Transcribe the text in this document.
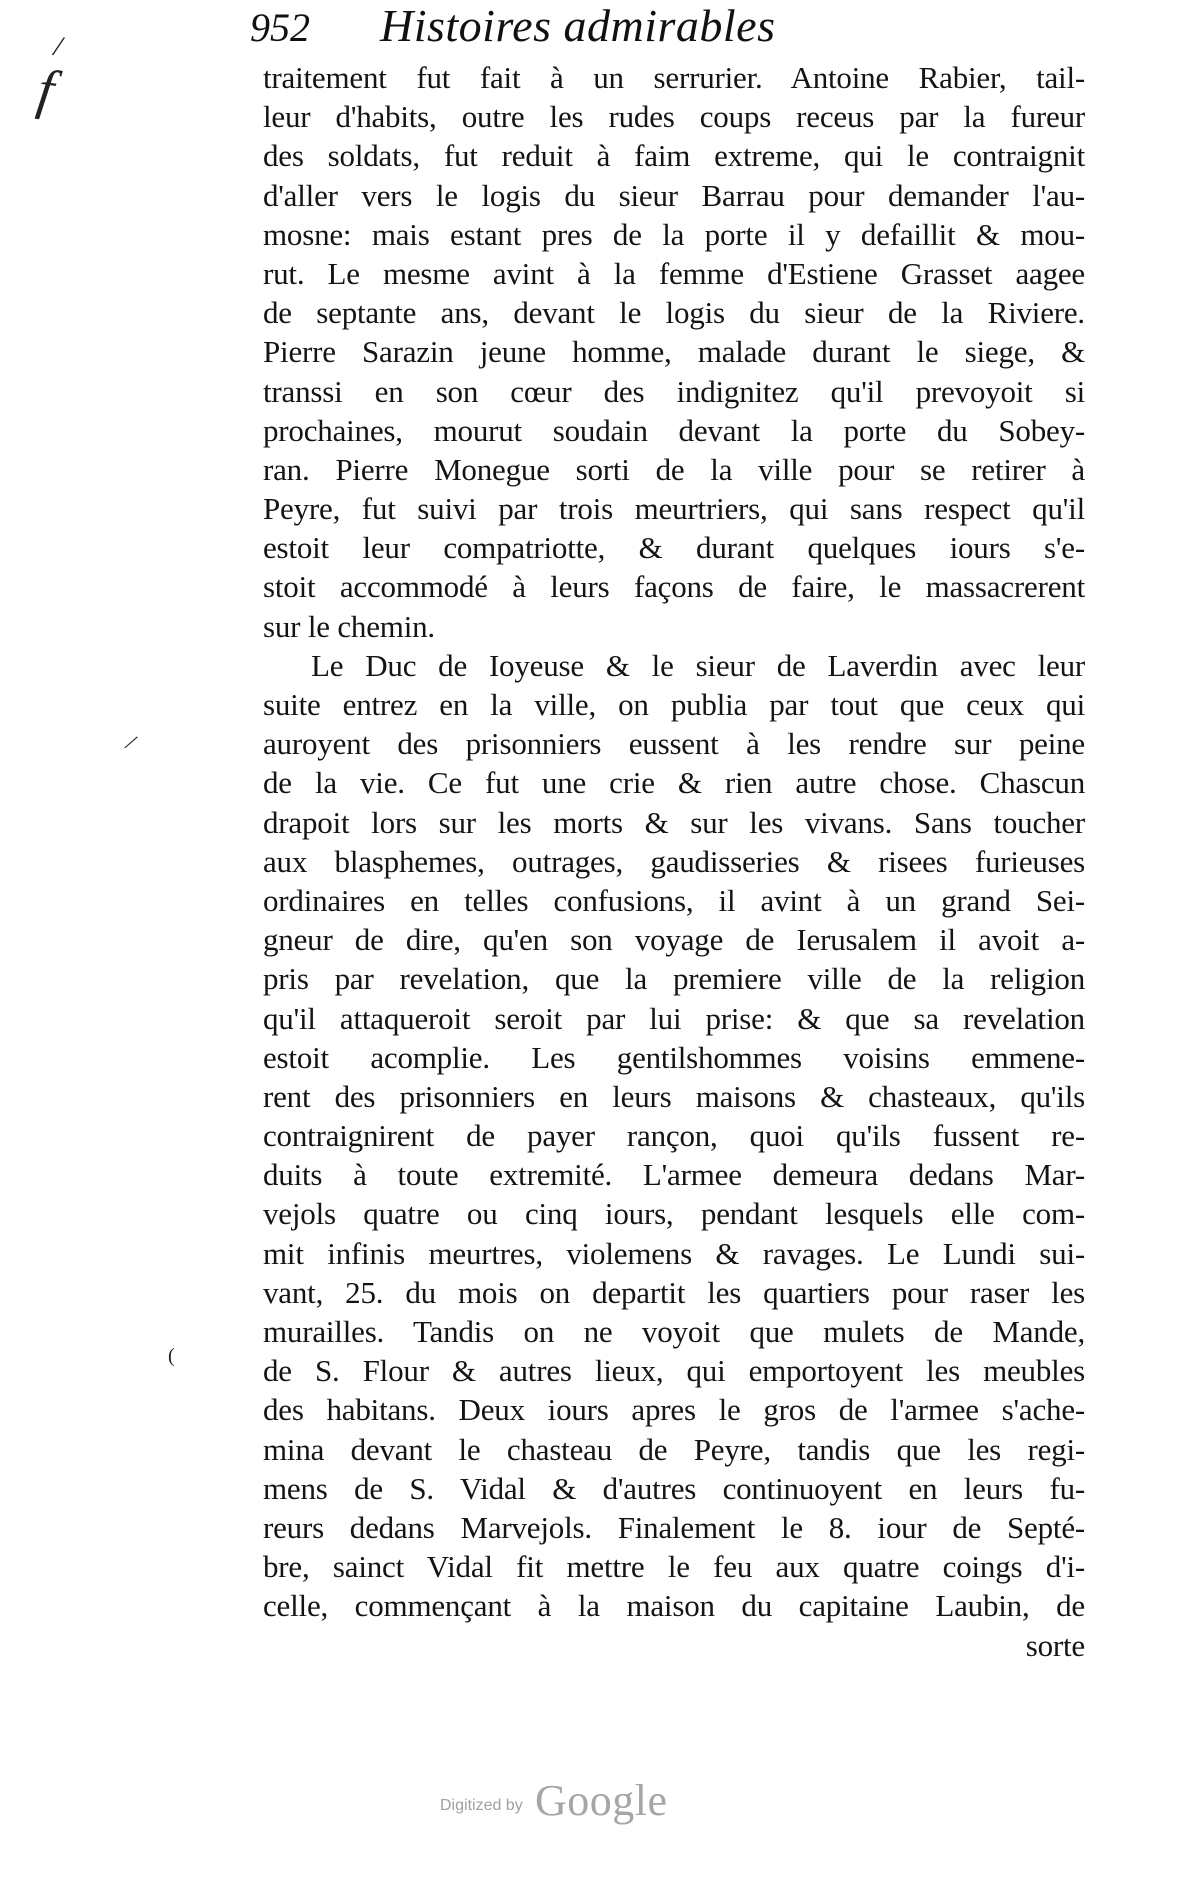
952 Histoires admirables
/
f
/
(
traitement fut fait à un serrurier. Antoine Rabier, tail-
leur d'habits, outre les rudes coups receus par la fureur
des soldats, fut reduit à faim extreme, qui le contraignit
d'aller vers le logis du sieur Barrau pour demander l'au-
mosne: mais estant pres de la porte il y defaillit & mou-
rut. Le mesme avint à la femme d'Estiene Grasset aagee
de septante ans, devant le logis du sieur de la Riviere.
Pierre Sarazin jeune homme, malade durant le siege, &
transsi en son cœur des indignitez qu'il prevoyoit si
prochaines, mourut soudain devant la porte du Sobey-
ran. Pierre Monegue sorti de la ville pour se retirer à
Peyre, fut suivi par trois meurtriers, qui sans respect qu'il
estoit leur compatriotte, & durant quelques iours s'e-
stoit accommodé à leurs façons de faire, le massacrerent
sur le chemin.
Le Duc de Ioyeuse & le sieur de Laverdin avec leur
suite entrez en la ville, on publia par tout que ceux qui
auroyent des prisonniers eussent à les rendre sur peine
de la vie. Ce fut une crie & rien autre chose. Chascun
drapoit lors sur les morts & sur les vivans. Sans toucher
aux blasphemes, outrages, gaudisseries & risees furieuses
ordinaires en telles confusions, il avint à un grand Sei-
gneur de dire, qu'en son voyage de Ierusalem il avoit a-
pris par revelation, que la premiere ville de la religion
qu'il attaqueroit seroit par lui prise: & que sa revelation
estoit acomplie. Les gentilshommes voisins emmene-
rent des prisonniers en leurs maisons & chasteaux, qu'ils
contraignirent de payer rançon, quoi qu'ils fussent re-
duits à toute extremité. L'armee demeura dedans Mar-
vejols quatre ou cinq iours, pendant lesquels elle com-
mit infinis meurtres, violemens & ravages. Le Lundi sui-
vant, 25. du mois on departit les quartiers pour raser les
murailles. Tandis on ne voyoit que mulets de Mande,
de S. Flour & autres lieux, qui emportoyent les meubles
des habitans. Deux iours apres le gros de l'armee s'ache-
mina devant le chasteau de Peyre, tandis que les regi-
mens de S. Vidal & d'autres continuoyent en leurs fu-
reurs dedans Marvejols. Finalement le 8. iour de Septé-
bre, sainct Vidal fit mettre le feu aux quatre coings d'i-
celle, commençant à la maison du capitaine Laubin, de
sorte
Digitized by Google
